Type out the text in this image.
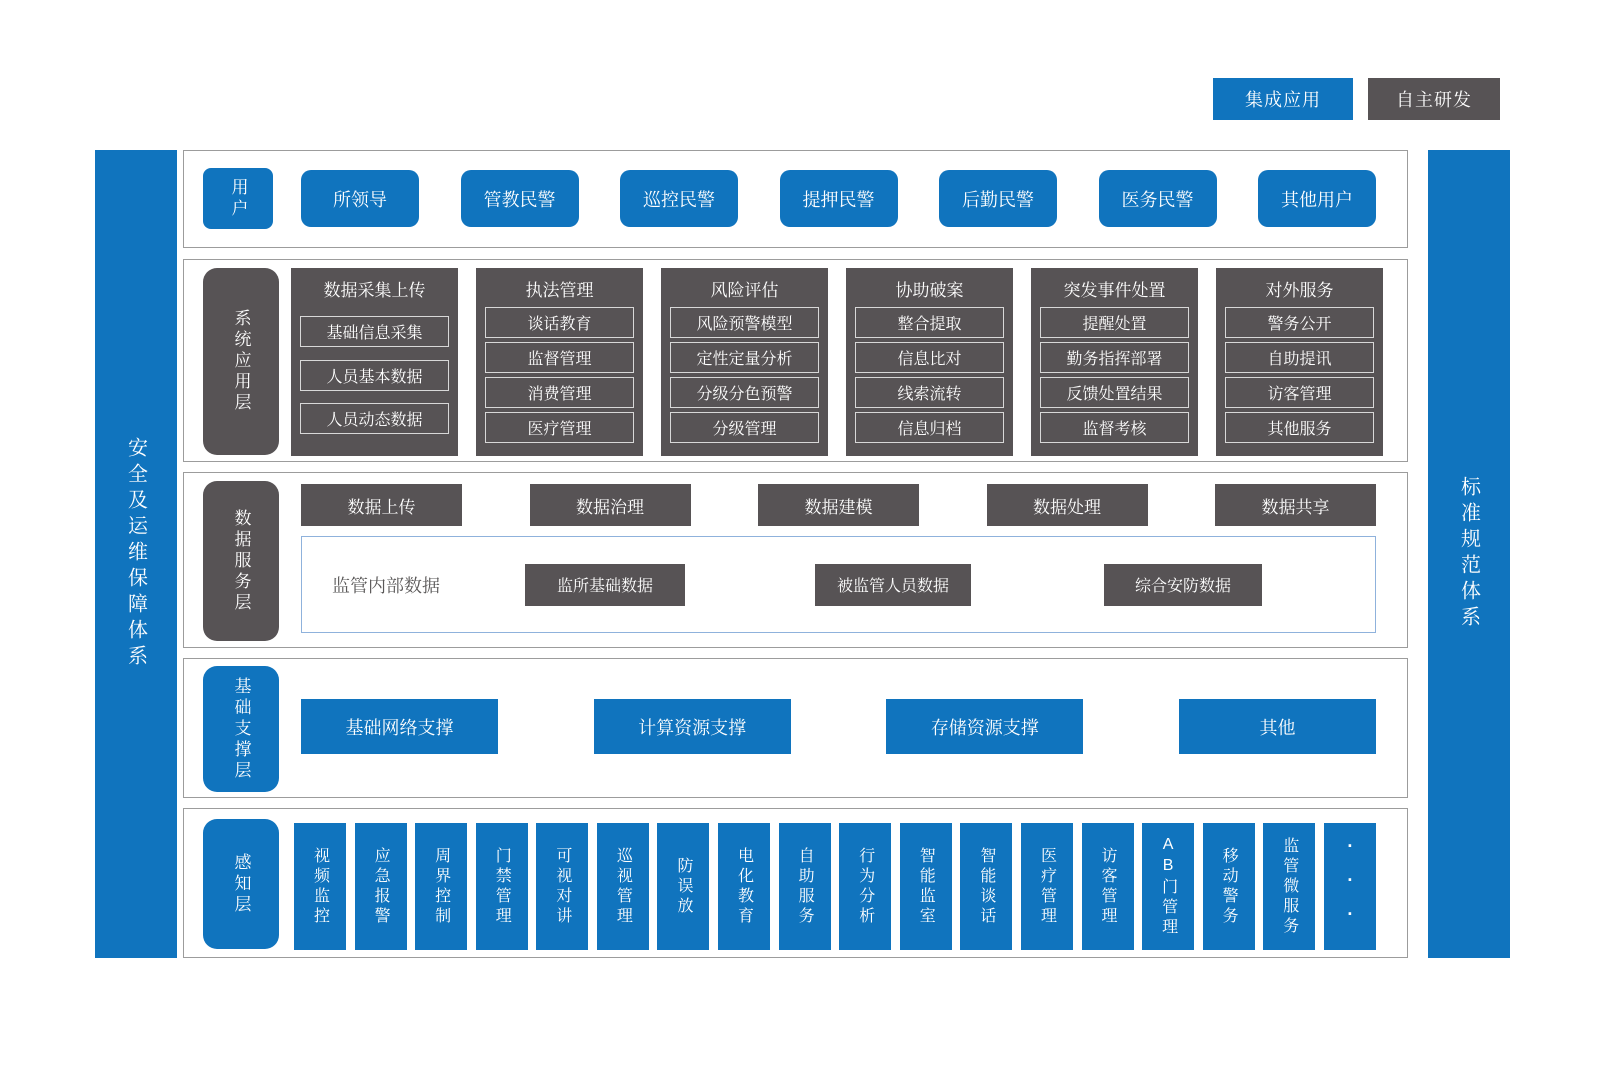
集成应用	自主研发
安全及运维保障体系	标准规范体系
用户	所领导	管教民警	巡控民警	提押民警	后勤民警	医务民警	其他用户
系统应用层
数据采集上传
基础信息采集
人员基本数据
人员动态数据
执法管理
谈话教育
监督管理
消费管理
医疗管理
风险评估
风险预警模型
定性定量分析
分级分色预警
分级管理
协助破案
整合提取
信息比对
线索流转
信息归档
突发事件处置
提醒处置
勤务指挥部署
反馈处置结果
监督考核
对外服务
警务公开
自助提讯
访客管理
其他服务
数据服务层
数据上传	数据治理	数据建模	数据处理	数据共享
监管内部数据	监所基础数据	被监管人员数据	综合安防数据
基础支撑层	基础网络支撑	计算资源支撑	存储资源支撑	其他
感知层	视频监控	应急报警	周界控制	门禁管理	可视对讲	巡视管理	防误放	电化教育	自助服务	行为分析	智能监室	智能谈话	医疗管理	访客管理	AB门管理	移动警务	监管微服务 ···
